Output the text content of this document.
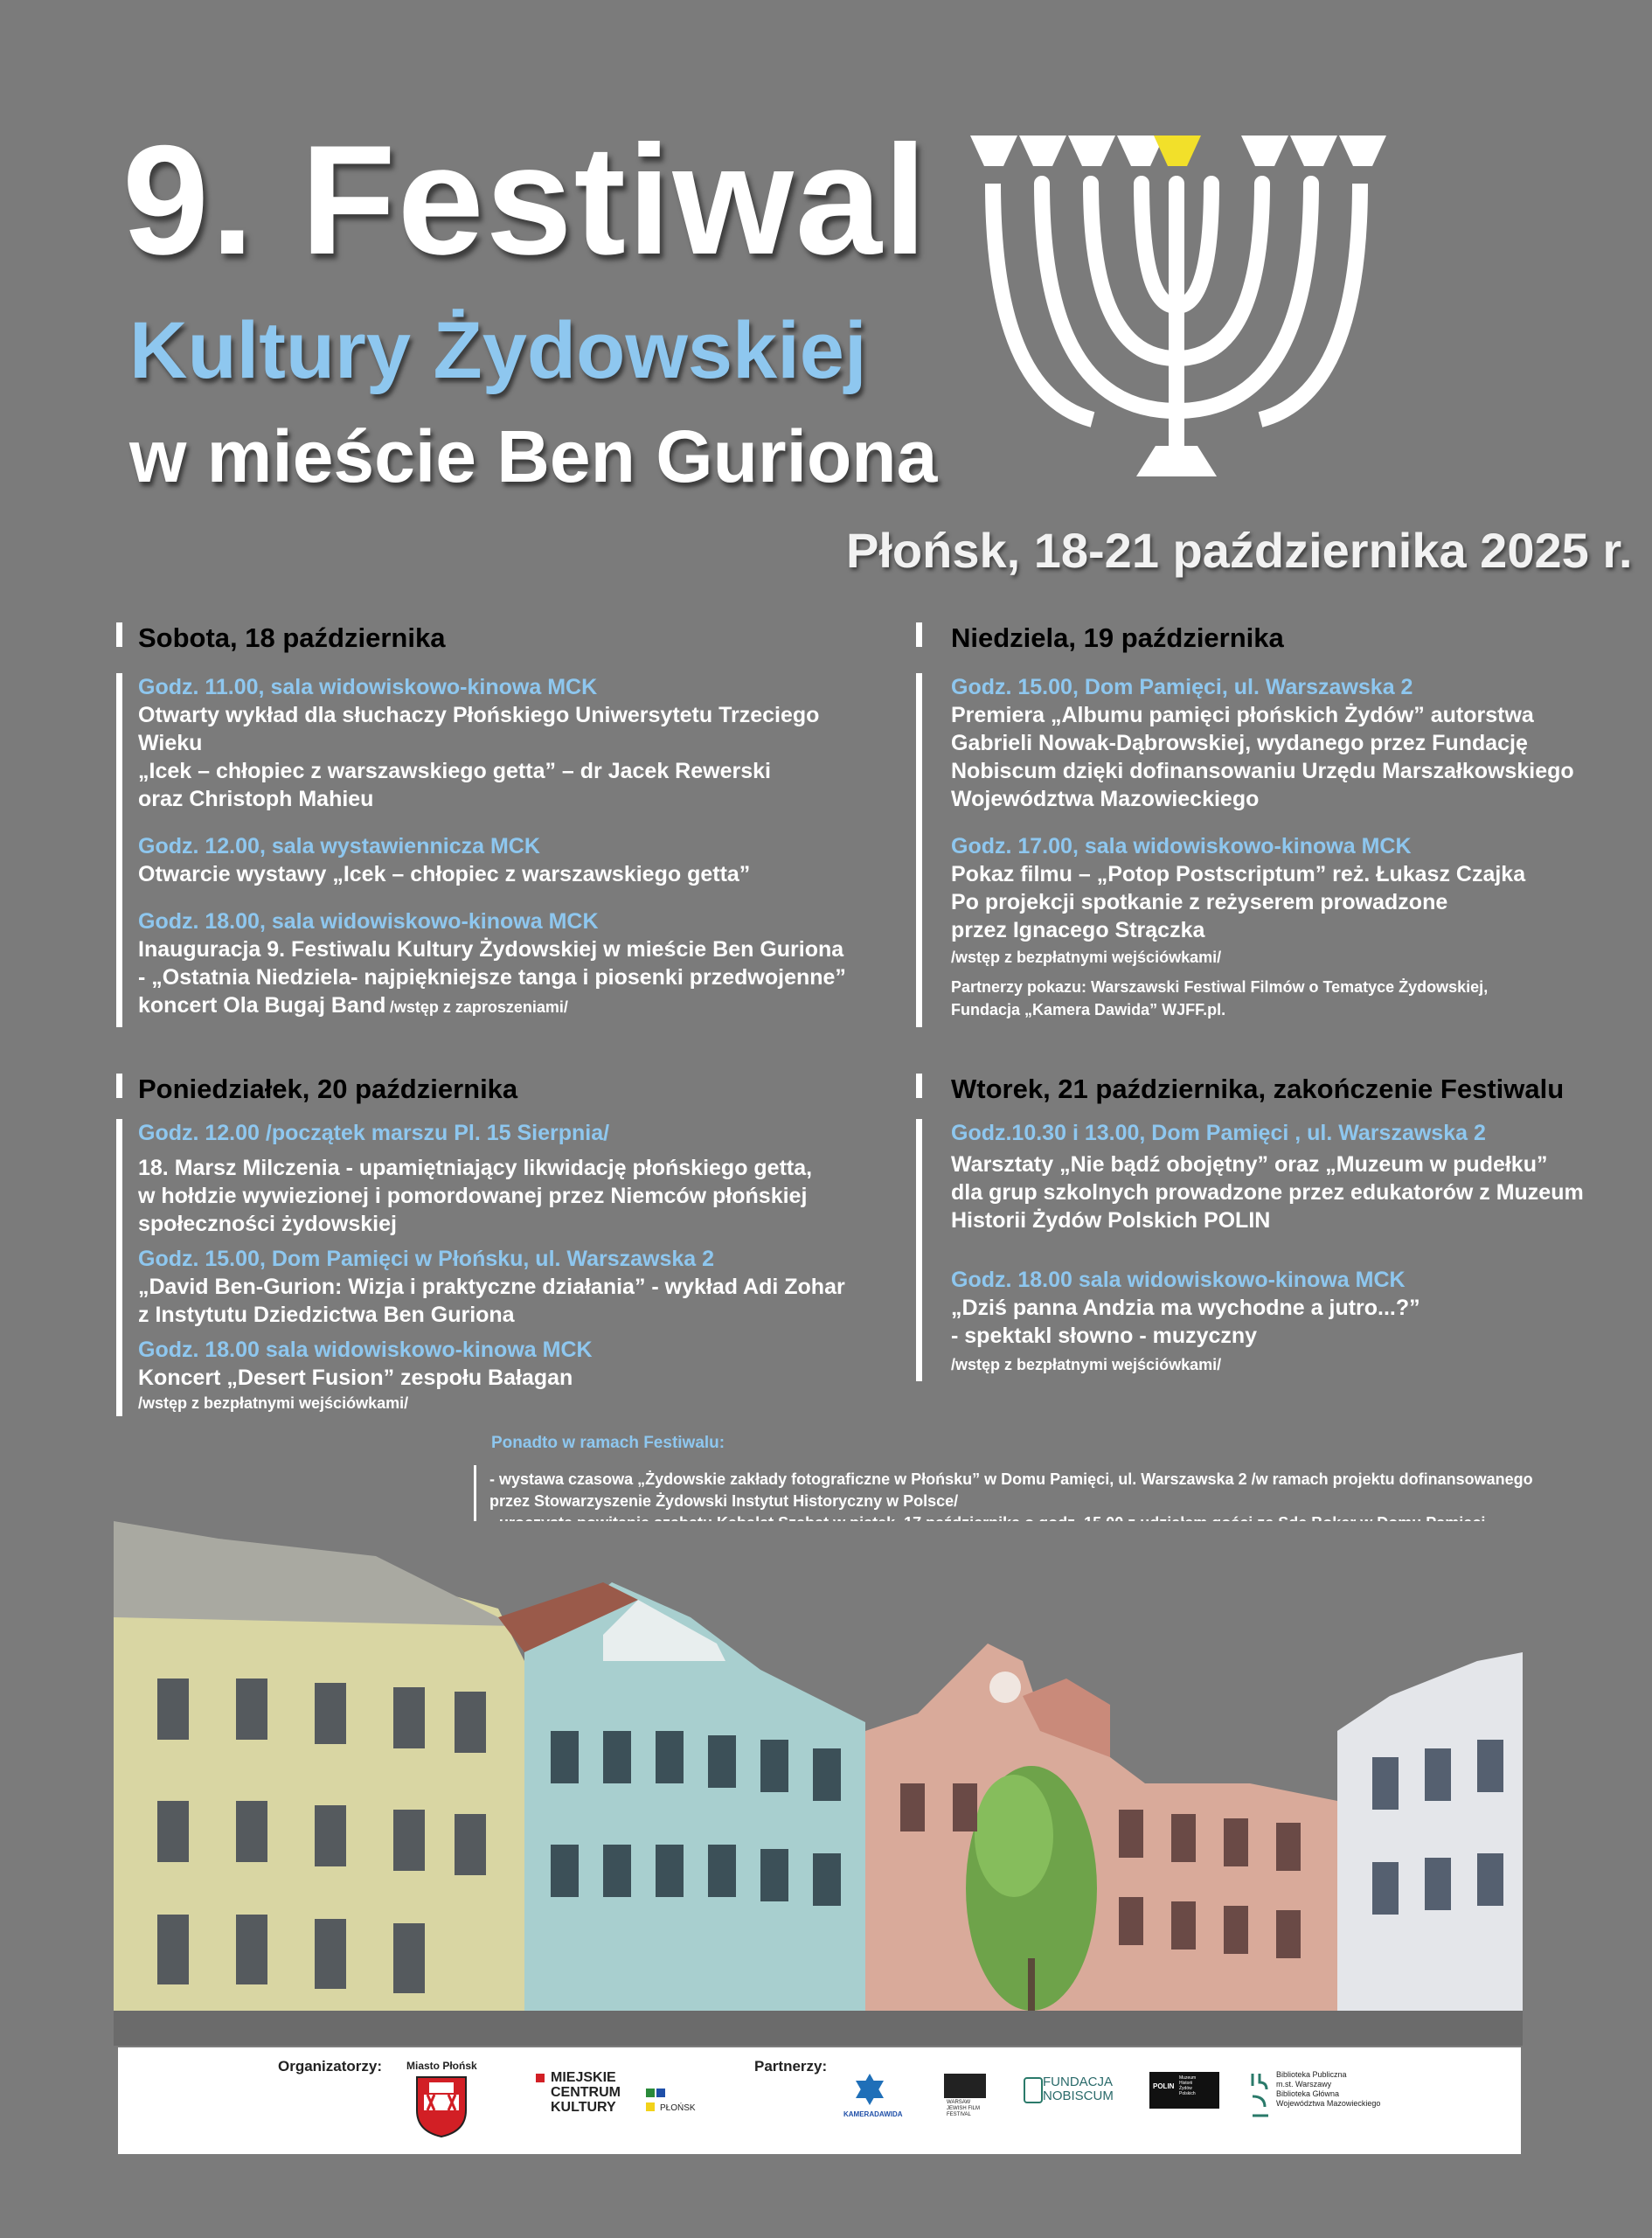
9. Festiwal
Kultury Żydowskiej
w mieście Ben Guriona
Płońsk, 18-21 października 2025 r.
Sobota, 18 października
Godz. 11.00, sala widowiskowo-kinowa MCK
Otwarty wykład dla słuchaczy Płońskiego Uniwersytetu Trzeciego Wieku
„Icek – chłopiec z warszawskiego getta” – dr Jacek Rewerski
oraz Christoph Mahieu
Godz. 12.00, sala wystawiennicza MCK
Otwarcie wystawy „Icek – chłopiec z warszawskiego getta”
Godz. 18.00, sala widowiskowo-kinowa MCK
Inauguracja 9. Festiwalu Kultury Żydowskiej w mieście Ben Guriona
- „Ostatnia Niedziela- najpiękniejsze tanga i piosenki przedwojenne”
koncert Ola Bugaj Band /wstęp z zaproszeniami/
Niedziela, 19 października
Godz. 15.00, Dom Pamięci, ul. Warszawska 2
Premiera „Albumu pamięci płońskich Żydów” autorstwa
Gabrieli Nowak-Dąbrowskiej, wydanego przez Fundację
Nobiscum dzięki dofinansowaniu Urzędu Marszałkowskiego
Województwa Mazowieckiego
Godz. 17.00, sala widowiskowo-kinowa MCK
Pokaz filmu – „Potop Postscriptum” reż. Łukasz Czajka
Po projekcji spotkanie z reżyserem prowadzone
przez Ignacego Strączka
/wstęp z bezpłatnymi wejściówkami/
Partnerzy pokazu: Warszawski Festiwal Filmów o Tematyce Żydowskiej,
Fundacja „Kamera Dawida” WJFF.pl.
Poniedziałek, 20 października
Godz. 12.00 /początek marszu Pl. 15 Sierpnia/
18. Marsz Milczenia - upamiętniający likwidację płońskiego getta,
w hołdzie wywiezionej i pomordowanej przez Niemców płońskiej
społeczności żydowskiej
Godz. 15.00, Dom Pamięci w Płońsku, ul. Warszawska 2
„David Ben-Gurion: Wizja i praktyczne działania” - wykład Adi Zohar
z Instytutu Dziedzictwa Ben Guriona
Godz. 18.00 sala widowiskowo-kinowa MCK
Koncert „Desert Fusion” zespołu Bałagan
/wstęp z bezpłatnymi wejściówkami/
Wtorek, 21 października, zakończenie Festiwalu
Godz.10.30 i 13.00, Dom Pamięci , ul. Warszawska 2
Warsztaty „Nie bądź obojętny” oraz „Muzeum w pudełku”
dla grup szkolnych prowadzone przez edukatorów z Muzeum
Historii Żydów Polskich POLIN
Godz. 18.00 sala widowiskowo-kinowa MCK
„Dziś panna Andzia ma wychodne a jutro...?”
- spektakl słowno - muzyczny
/wstęp z bezpłatnymi wejściówkami/
Ponadto w ramach Festiwalu:
- wystawa czasowa „Żydowskie zakłady fotograficzne w Płońsku” w Domu Pamięci, ul. Warszawska 2 /w ramach projektu dofinansowanego
przez Stowarzyszenie Żydowski Instytut Historyczny w Polsce/
Organizatorzy: Miasto Płońsk
MIEJSKIE
CENTRUM
KULTURY	PŁOŃSK
Partnerzy:
KAMERADAWIDA
WARSAW
JEWISH FILM
FESTIVAL
FUNDACJA
NOBISCUM
POLIN
Muzeum
Historii
Żydów
Polskich
Biblioteka Publiczna
m.st. Warszawy
Biblioteka Główna
Województwa Mazowieckiego
